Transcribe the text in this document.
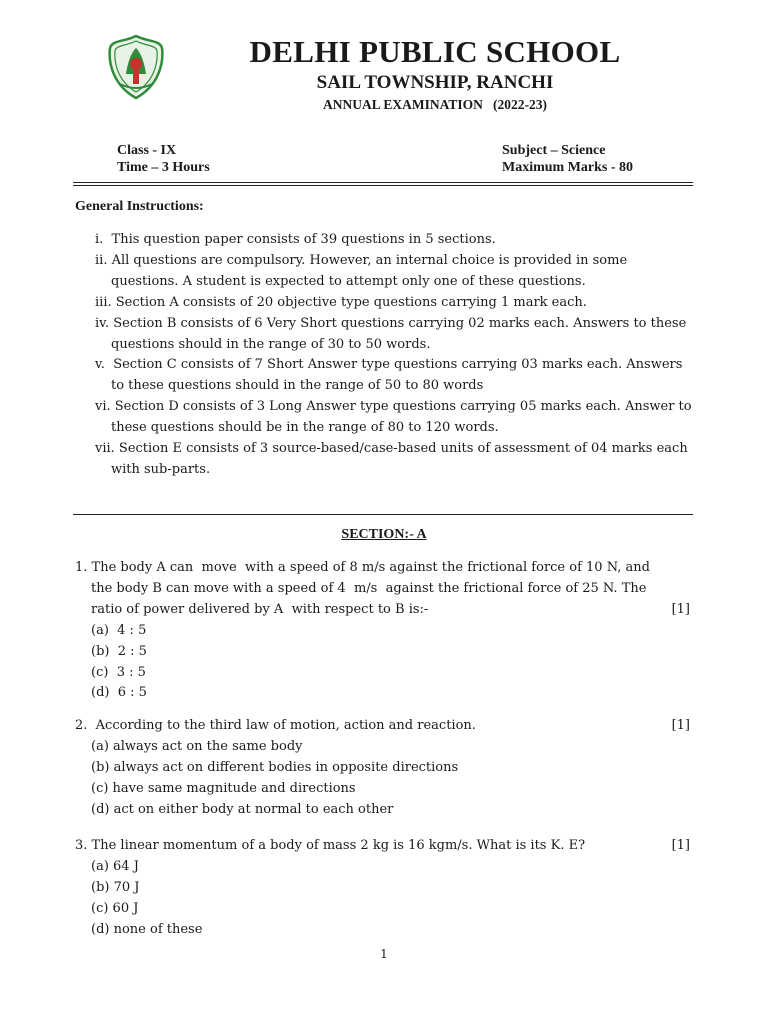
DELHI PUBLIC SCHOOL
SAIL TOWNSHIP, RANCHI
ANNUAL EXAMINATION   (2022-23)
Class - IX
Time – 3 Hours
Subject – Science
Maximum Marks - 80
General Instructions:
i.  This question paper consists of 39 questions in 5 sections.
ii. All questions are compulsory. However, an internal choice is provided in some questions. A student is expected to attempt only one of these questions.
iii. Section A consists of 20 objective type questions carrying 1 mark each.
iv. Section B consists of 6 Very Short questions carrying 02 marks each. Answers to these questions should in the range of 30 to 50 words.
v.  Section C consists of 7 Short Answer type questions carrying 03 marks each. Answers to these questions should in the range of 50 to 80 words
vi. Section D consists of 3 Long Answer type questions carrying 05 marks each. Answer to these questions should be in the range of 80 to 120 words.
vii. Section E consists of 3 source-based/case-based units of assessment of 04 marks each with sub-parts.
SECTION:- A
1. The body A can  move  with a speed of 8 m/s against the frictional force of 10 N, and the body B can move with a speed of 4  m/s  against the frictional force of 25 N. The ratio of power delivered by A  with respect to B is:-	[1]
(a)  4 : 5
(b)  2 : 5
(c)  3 : 5
(d)  6 : 5
2.  According to the third law of motion, action and reaction.	[1]
(a) always act on the same body
(b) always act on different bodies in opposite directions
(c) have same magnitude and directions
(d) act on either body at normal to each other
3. The linear momentum of a body of mass 2 kg is 16 kgm/s. What is its K. E?	[1]
(a) 64 J
(b) 70 J
(c) 60 J
(d) none of these
1
